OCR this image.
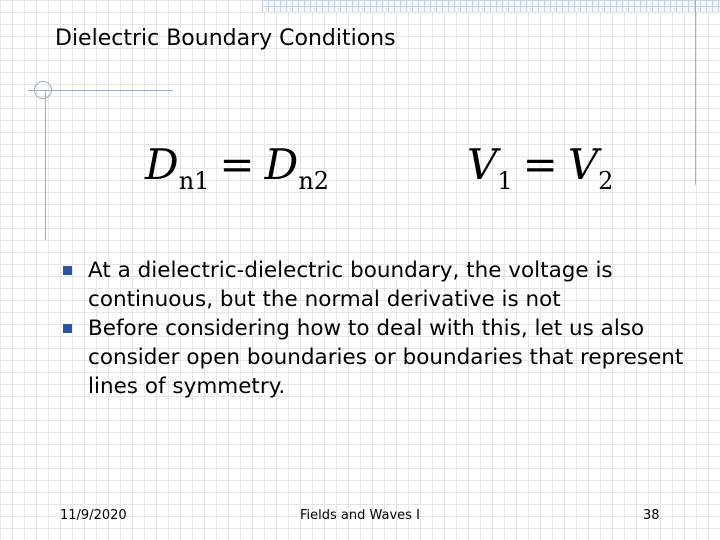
Dielectric Boundary Conditions
$D_{n1} = D_{n2}$	$V_1 = V_2$
At a dielectric-dielectric boundary, the voltage is continuous, but the normal derivative is not
Before considering how to deal with this, let us also consider open boundaries or boundaries that represent lines of symmetry.
11/9/2020	Fields and Waves I	38
